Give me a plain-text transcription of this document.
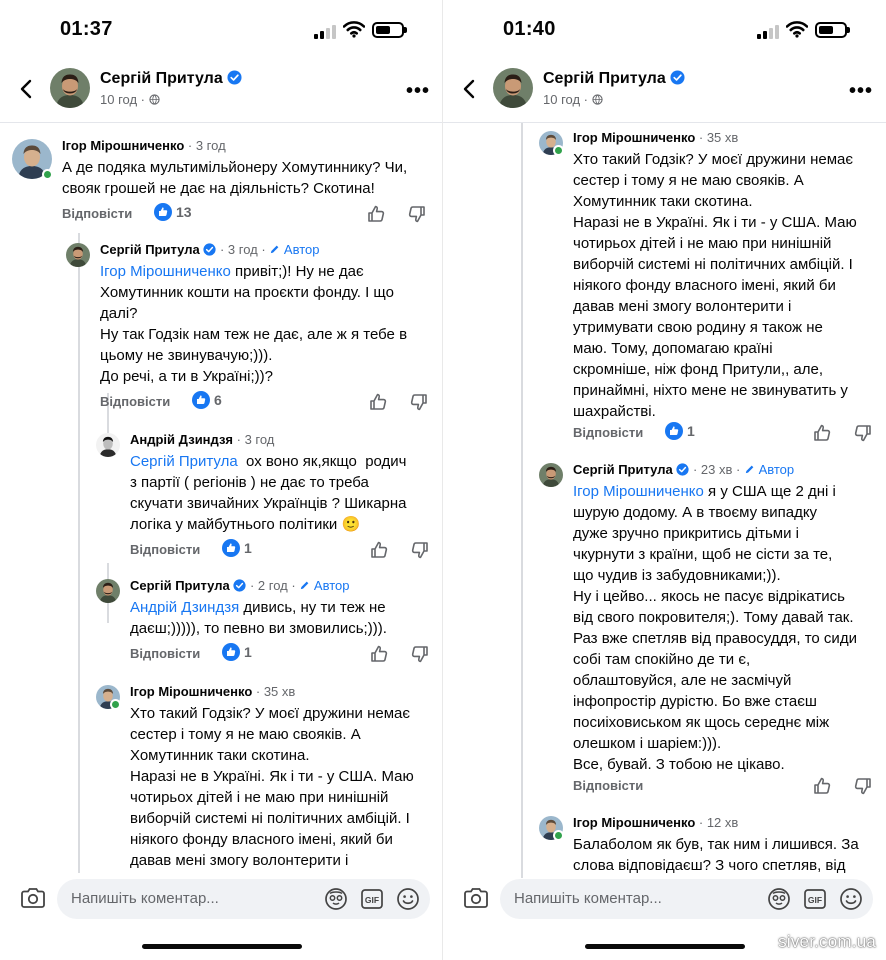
01:37
Сергій Притула
10 год ·	•••
Ігор Мірошниченко · 3 год
А де подяка мультимільйонеру Хомутиннику? Чи,
свояк грошей не дає на діяльність? Скотина!
Відповісти	13
Сергій Притула  · 3 год ·  Автор
Ігор Мірошниченко привіт;)! Ну не дає
Хомутинник кошти на проєкти фонду. І що
далі?
Ну так Годзік нам теж не дає, але ж я тебе в
цьому не звинувачую;))).
До речі, а ти в Україні;))?
Відповісти	6
Андрій Дзиндзя · 3 год
Сергій Притула  ох воно як,якщо  родич
з партії ( регіонів ) не дає то треба
скучати звичайних Українців ? Шикарна
логіка у майбутнього політики 🙂
Відповісти	1
Сергій Притула  · 2 год ·  Автор
Андрій Дзиндзя дивись, ну ти теж не
даєш;))))), то певно ви змовились;))).
Відповісти	1
Ігор Мірошниченко · 35 хв
Хто такий Годзік? У моєї дружини немає
сестер і тому я не маю свояків. А
Хомутинник таки скотина.
Наразі не в Україні. Як і ти - у США. Маю
чотирьох дітей і не маю при нинішній
виборчій системі ні політичних амбіцій. І
ніякого фонду власного імені, який би
давав мені змогу волонтерити і
Напишіть коментар...	GIF
01:40
Сергій Притула
10 год ·	•••
Ігор Мірошниченко · 35 хв
Хто такий Годзік? У моєї дружини немає
сестер і тому я не маю свояків. А
Хомутинник таки скотина.
Наразі не в Україні. Як і ти - у США. Маю
чотирьох дітей і не маю при нинішній
виборчій системі ні політичних амбіцій. І
ніякого фонду власного імені, який би
давав мені змогу волонтерити і
утримувати свою родину я також не
маю. Тому, допомагаю країні
скромніше, ніж фонд Притули,, але,
принаймні, ніхто мене не звинуватить у
шахрайстві.
Відповісти	1
Сергій Притула  · 23 хв ·  Автор
Ігор Мірошниченко я у США ще 2 дні і
шурую додому. А в твоєму випадку
дуже зручно прикритись дітьми і
чкурнути з країни, щоб не сісти за те,
що чудив із забудовниками;)).
Ну і цейво... якось не пасує відрікатись
від свого покровителя;). Тому давай так.
Раз вже спетляв від правосуддя, то сиди
собі там спокійно де ти є,
облаштовуйся, але не засмічуй
інфопростір дурістю. Бо вже стаєш
посиіховиськом як щось середнє між
олешком і шаріем:))).
Все, бувай. З тобою не цікаво.
Відповісти
Ігор Мірошниченко · 12 хв
Балаболом як був, так ним і лишився. За
слова відповідаєш? З чого спетляв, від
Напишіть коментар...	GIF
siver.com.ua
